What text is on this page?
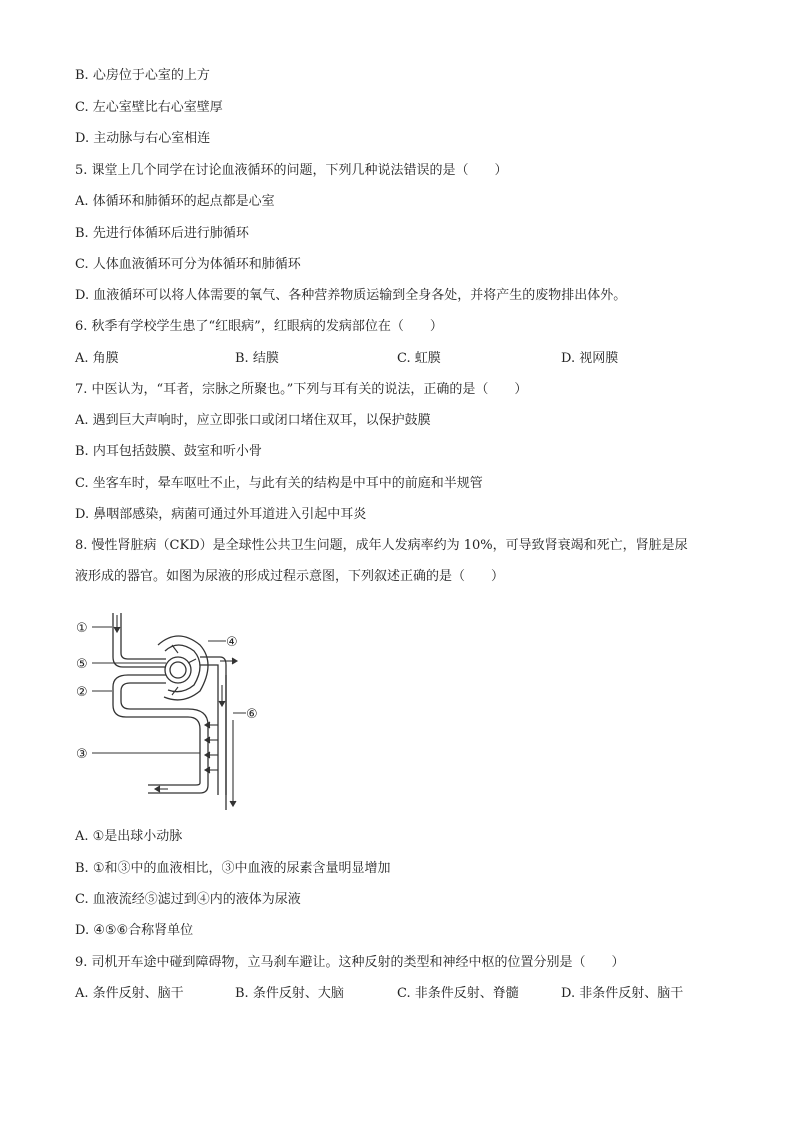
B. 心房位于心室的上方
C. 左心室壁比右心室壁厚
D. 主动脉与右心室相连
5. 课堂上几个同学在讨论血液循环的问题，下列几种说法错误的是（　　）
A. 体循环和肺循环的起点都是心室
B. 先进行体循环后进行肺循环
C. 人体血液循环可分为体循环和肺循环
D. 血液循环可以将人体需要的氧气、各种营养物质运输到全身各处，并将产生的废物排出体外。
6. 秋季有学校学生患了“红眼病”，红眼病的发病部位在（　　）
A. 角膜	B. 结膜	C. 虹膜	D. 视网膜
7. 中医认为，“耳者，宗脉之所聚也。”下列与耳有关的说法，正确的是（　　）
A. 遇到巨大声响时，应立即张口或闭口堵住双耳，以保护鼓膜
B. 内耳包括鼓膜、鼓室和听小骨
C. 坐客车时，晕车呕吐不止，与此有关的结构是中耳中的前庭和半规管
D. 鼻咽部感染，病菌可通过外耳道进入引起中耳炎
8. 慢性肾脏病（CKD）是全球性公共卫生问题，成年人发病率约为 10%，可导致肾衰竭和死亡，肾脏是尿
液形成的器官。如图为尿液的形成过程示意图，下列叙述正确的是（　　）
①
⑤
②
③
④
⑥
A. ①是出球小动脉
B. ①和③中的血液相比，③中血液的尿素含量明显增加
C. 血液流经⑤滤过到④内的液体为尿液
D. ④⑤⑥合称肾单位
9. 司机开车途中碰到障碍物，立马刹车避让。这种反射的类型和神经中枢的位置分别是（　　）
A. 条件反射、脑干	B. 条件反射、大脑	C. 非条件反射、脊髓	D. 非条件反射、脑干
